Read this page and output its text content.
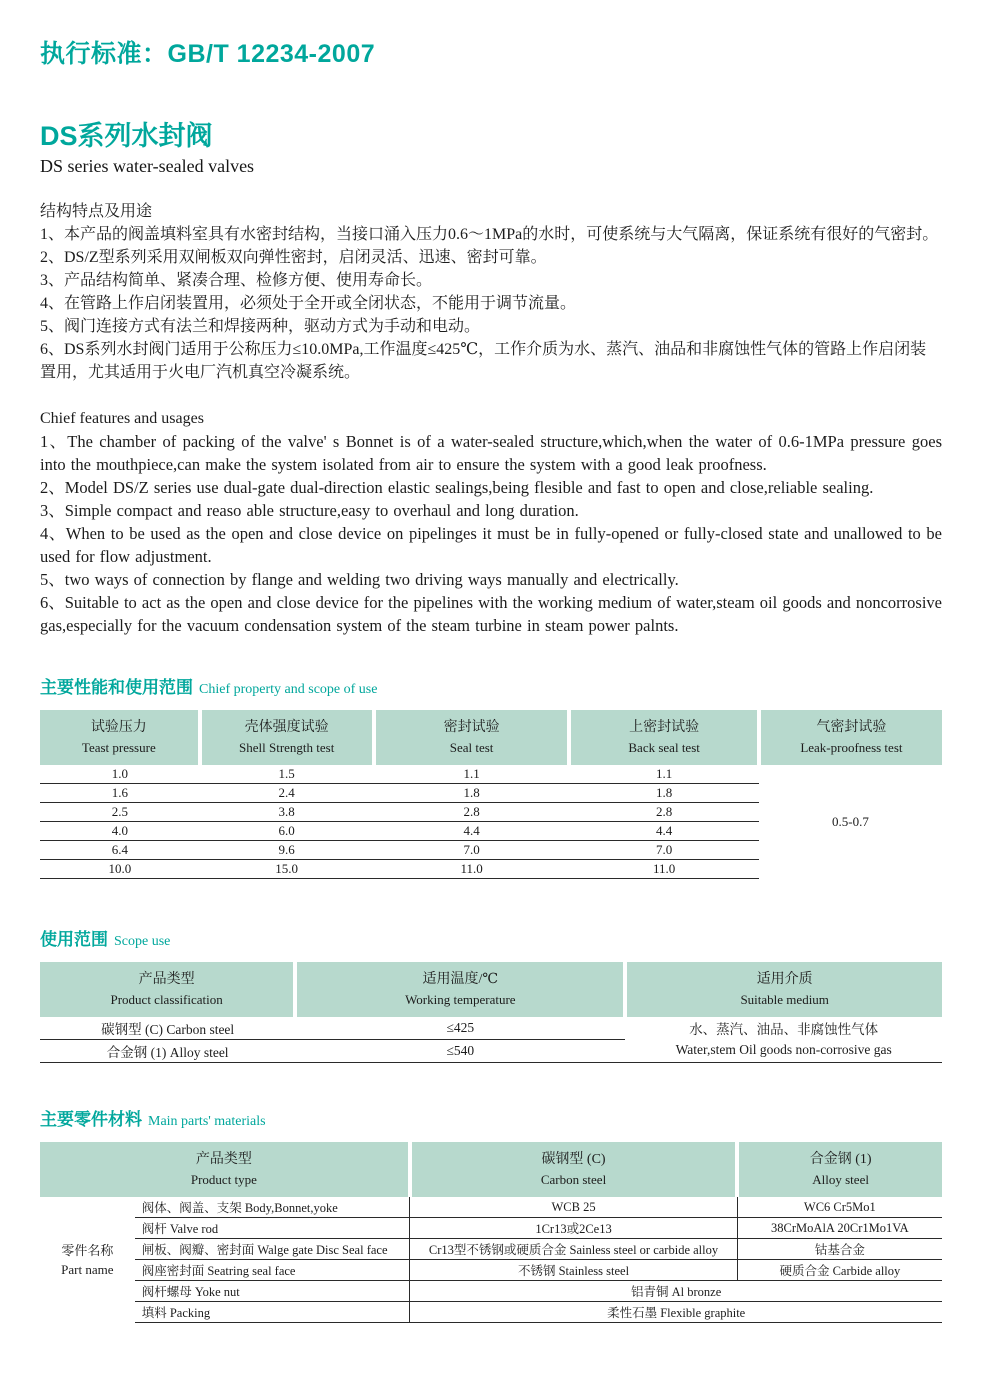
执行标准：GB/T 12234-2007
DS系列水封阀
DS series water-sealed valves
结构特点及用途

1、本产品的阀盖填料室具有水密封结构，当接口涌入压力0.6～1MPa的水时，可使系统与大气隔离，保证系统有很好的气密封。

2、DS/Z型系列采用双闸板双向弹性密封，启闭灵活、迅速、密封可靠。

3、产品结构简单、紧凑合理、检修方便、使用寿命长。

4、在管路上作启闭装置用，必须处于全开或全闭状态，不能用于调节流量。

5、阀门连接方式有法兰和焊接两种，驱动方式为手动和电动。

6、DS系列水封阀门适用于公称压力≤10.0MPa,工作温度≤425℃，工作介质为水、蒸汽、油品和非腐蚀性气体的管路上作启闭装置用，尤其适用于火电厂汽机真空冷凝系统。

Chief features and usages

1、The chamber of packing of the valve' s Bonnet is of a water-sealed structure,which,when the water of 0.6-1MPa pressure goes into the mouthpiece,can make the system isolated from air to ensure the system with a good leak proofness.

2、Model DS/Z series use dual-gate dual-direction elastic sealings,being flesible and fast to open and close,reliable sealing.

3、Simple compact and reaso able structure,easy to overhaul and long duration.

4、When to be used as the open and close device on pipelinges it must be in fully-opened or fully-closed state and unallowed to be used for flow adjustment.

5、two ways of connection by flange and welding two driving ways manually and electrically.

6、Suitable to act as the open and close device for the pipelines with the working medium of water,steam oil goods and noncorrosive gas,especially for the vacuum condensation system of the steam turbine in steam power palnts.

主要性能和使用范围 Chief property and scope of use
试验压力
Teast pressure

壳体强度试验
Shell Strength test

密封试验
Seal test

上密封试验
Back seal test

气密封试验
Leak-proofness test

1.0	1.5	1.1	1.1	0.5-0.7
1.6	2.4	1.8	1.8	
2.5	3.8	2.8	2.8	
4.0	6.0	4.4	4.4	
6.4	9.6	7.0	7.0	
10.0	15.0	11.0	11.0	
使用范围 Scope use
产品类型
Product classification

适用温度/℃
Working temperature

适用介质
Suitable medium

碳钢型 (C) Carbon steel	≤425	水、蒸汽、油品、非腐蚀性气体
Water,stem Oil goods non-corrosive gas

合金钢 (1) Alloy steel	≤540	
主要零件材料 Main parts' materials
产品类型
Product type

碳钢型 (C)
Carbon steel

合金钢 (1)
Alloy steel

零件名称
Part name	阀体、阀盖、支架 Body,Bonnet,yoke	WCB 25	WC6 Cr5Mo1
	阀杆 Valve rod	1Cr13或2Ce13	38CrMoAlA 20Cr1Mo1VA
	闸板、阀瓣、密封面 Walge gate Disc Seal face	Cr13型不锈钢或硬质合金 Sainless steel or carbide alloy	钴基合金
	阀座密封面 Seatring seal face	不锈钢 Stainless steel	硬质合金 Carbide alloy
	阀杆螺母 Yoke nut	铝青铜 Al bronze	
	填料 Packing	柔性石墨 Flexible graphite	
